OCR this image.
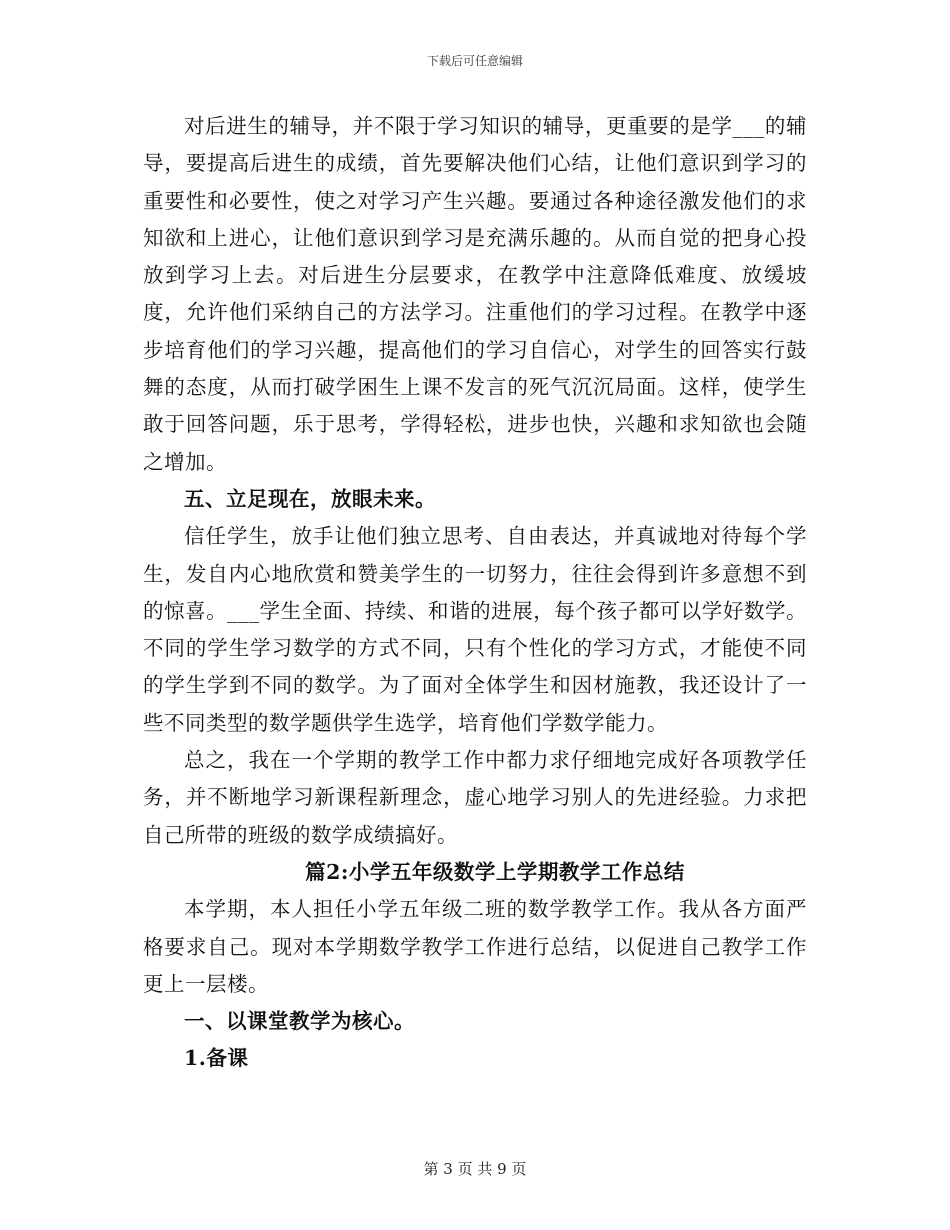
下载后可任意编辑

对后进生的辅导，并不限于学习知识的辅导，更重要的是学___的辅导，要提高后进生的成绩，首先要解决他们心结，让他们意识到学习的重要性和必要性，使之对学习产生兴趣。要通过各种途径激发他们的求知欲和上进心，让他们意识到学习是充满乐趣的。从而自觉的把身心投放到学习上去。对后进生分层要求，在教学中注意降低难度、放缓坡度，允许他们采纳自己的方法学习。注重他们的学习过程。在教学中逐步培育他们的学习兴趣，提高他们的学习自信心，对学生的回答实行鼓舞的态度，从而打破学困生上课不发言的死气沉沉局面。这样，使学生敢于回答问题，乐于思考，学得轻松，进步也快，兴趣和求知欲也会随之增加。

五、立足现在，放眼未来。

信任学生，放手让他们独立思考、自由表达，并真诚地对待每个学生，发自内心地欣赏和赞美学生的一切努力，往往会得到许多意想不到的惊喜。___学生全面、持续、和谐的进展，每个孩子都可以学好数学。不同的学生学习数学的方式不同，只有个性化的学习方式，才能使不同的学生学到不同的数学。为了面对全体学生和因材施教，我还设计了一些不同类型的数学题供学生选学，培育他们学数学能力。

总之，我在一个学期的教学工作中都力求仔细地完成好各项教学任务，并不断地学习新课程新理念，虚心地学习别人的先进经验。力求把自己所带的班级的数学成绩搞好。

篇2:小学五年级数学上学期教学工作总结

本学期，本人担任小学五年级二班的数学教学工作。我从各方面严格要求自己。现对本学期数学教学工作进行总结，以促进自己教学工作更上一层楼。

一、以课堂教学为核心。

1.备课

第 3 页 共 9 页
